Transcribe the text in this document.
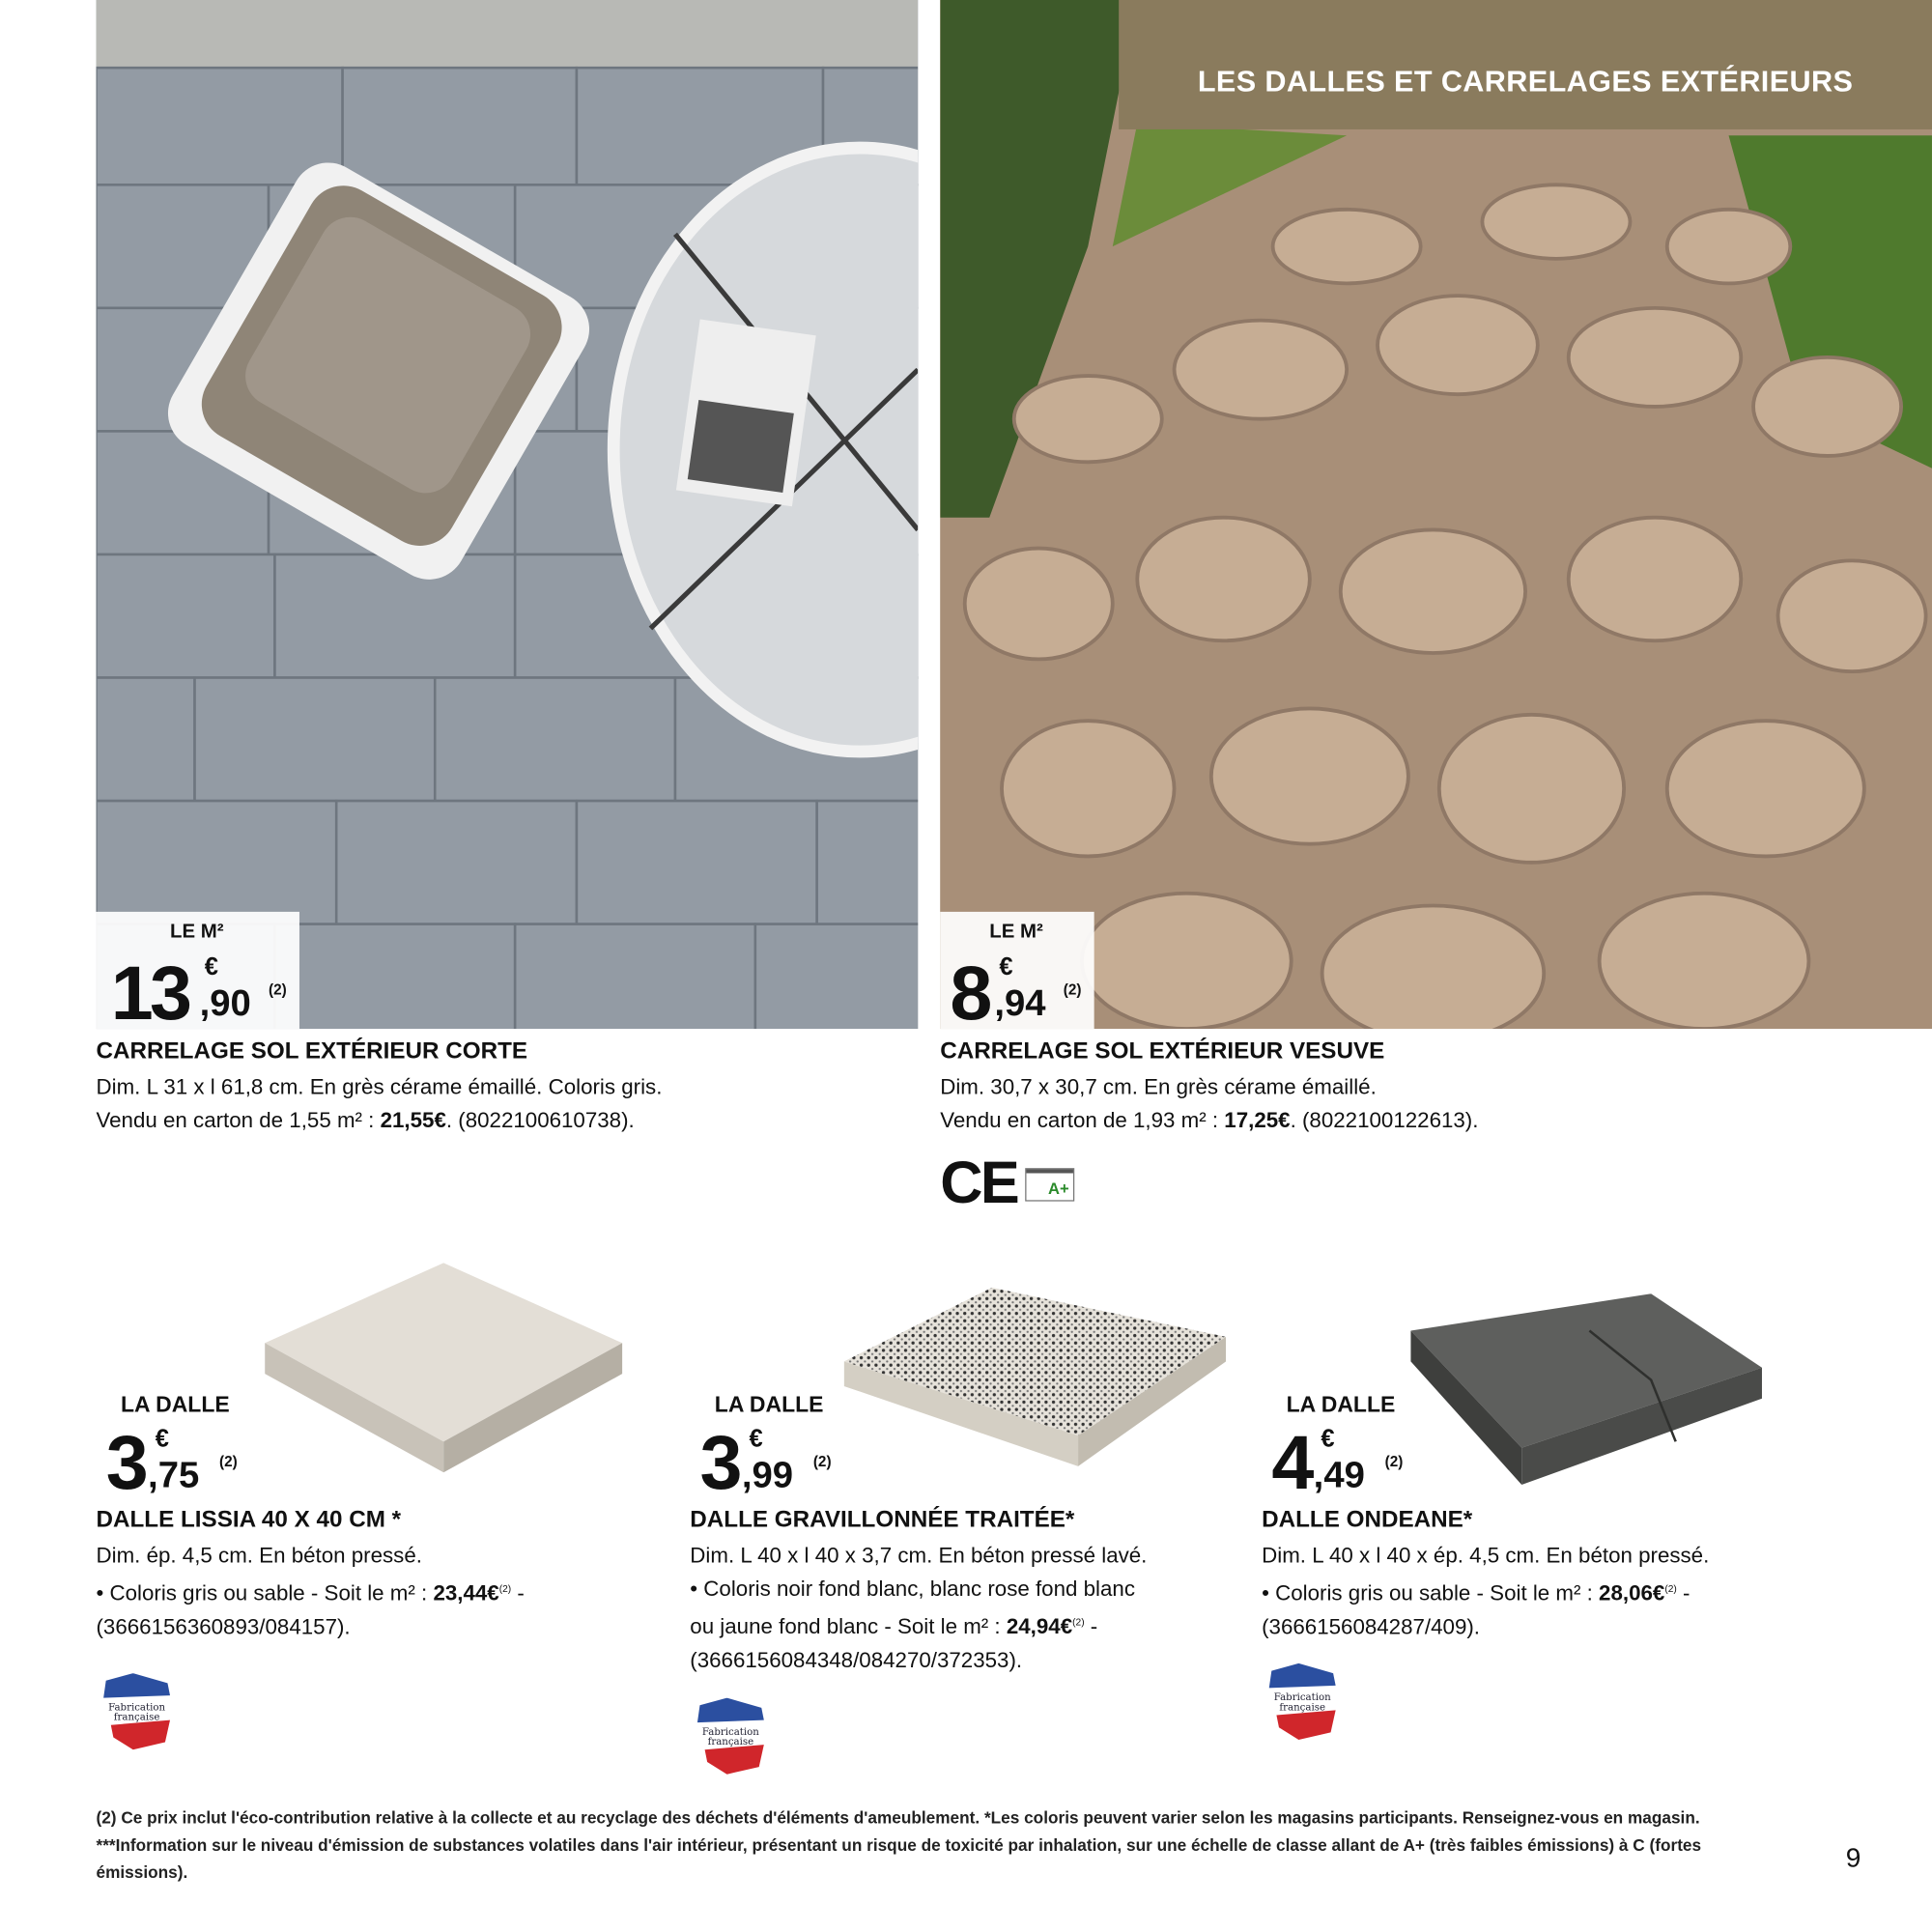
LES DALLES ET CARRELAGES EXTÉRIEURS
LE M²
13 €
,90 (2)
LE M²
8 €
,94 (2)
CARRELAGE SOL EXTÉRIEUR CORTE
Dim. L 31 x l 61,8 cm. En grès cérame émaillé. Coloris gris.
Vendu en carton de 1,55 m² : 21,55€. (8022100610738).
CARRELAGE SOL EXTÉRIEUR VESUVE
Dim. 30,7 x 30,7 cm. En grès cérame émaillé.
Vendu en carton de 1,93 m² : 17,25€. (8022100122613).
CE	A+
LA DALLE
3 €
,75 (2)
DALLE LISSIA 40 X 40 CM *
Dim. ép. 4,5 cm. En béton pressé.
• Coloris gris ou sable - Soit le m² : 23,44€$^{(2)}$ -
(3666156360893/084157).
LA DALLE
3 €
,99 (2)
DALLE GRAVILLONNÉE TRAITÉE*
Dim. L 40 x l 40 x 3,7 cm. En béton pressé lavé.
• Coloris noir fond blanc, blanc rose fond blanc
ou jaune fond blanc - Soit le m² : 24,94€$^{(2)}$ -
(3666156084348/084270/372353).
LA DALLE
4 €
,49 (2)
DALLE ONDEANE*
Dim. L 40 x l 40 x ép. 4,5 cm. En béton pressé.
• Coloris gris ou sable - Soit le m² : 28,06€$^{(2)}$ -
(3666156084287/409).
Fabrication
française
Fabrication
française
Fabrication
française
(2) Ce prix inclut l'éco-contribution relative à la collecte et au recyclage des déchets d'éléments d'ameublement. *Les coloris peuvent varier selon les magasins participants. Renseignez-vous en magasin.
***Information sur le niveau d'émission de substances volatiles dans l'air intérieur, présentant un risque de toxicité par inhalation, sur une échelle de classe allant de A+ (très faibles émissions) à C (fortes émissions).	9
